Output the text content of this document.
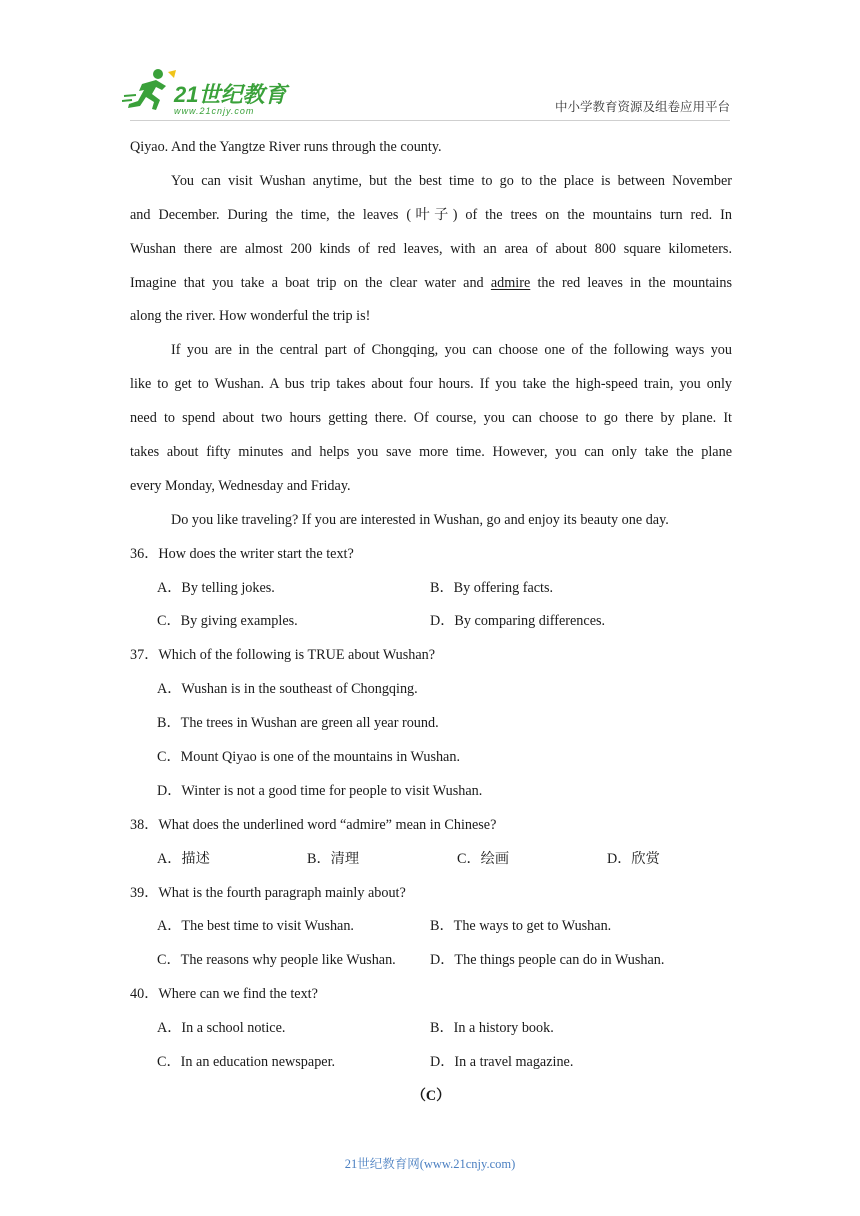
21世纪教育
www.21cnjy.com	中小学教育资源及组卷应用平台
Qiyao. And the Yangtze River runs through the county.
You can visit Wushan anytime, but the best time to go to the place is between November
and December. During the time, the leaves (叶子) of the trees on the mountains turn red. In
Wushan there are almost 200 kinds of red leaves, with an area of about 800 square kilometers.
Imagine that you take a boat trip on the clear water and admire the red leaves in the mountains
along the river. How wonderful the trip is!
If you are in the central part of Chongqing, you can choose one of the following ways you
like to get to Wushan. A bus trip takes about four hours. If you take the high-speed train, you only
need to spend about two hours getting there. Of course, you can choose to go there by plane. It
takes about fifty minutes and helps you save more time. However, you can only take the plane
every Monday, Wednesday and Friday.
Do you like traveling? If you are interested in Wushan, go and enjoy its beauty one day.
36．How does the writer start the text?
A．By telling jokes.	B．By offering facts.
C．By giving examples.	D．By comparing differences.
37．Which of the following is TRUE about Wushan?
A．Wushan is in the southeast of Chongqing.
B．The trees in Wushan are green all year round.
C．Mount Qiyao is one of the mountains in Wushan.
D．Winter is not a good time for people to visit Wushan.
38．What does the underlined word “admire” mean in Chinese?
A．描述	B．清理	C．绘画	D．欣赏
39．What is the fourth paragraph mainly about?
A．The best time to visit Wushan.	B．The ways to get to Wushan.
C．The reasons why people like Wushan.	D．The things people can do in Wushan.
40．Where can we find the text?
A．In a school notice.	B．In a history book.
C．In an education newspaper.	D．In a travel magazine.
（C）
21世纪教育网(www.21cnjy.com)
